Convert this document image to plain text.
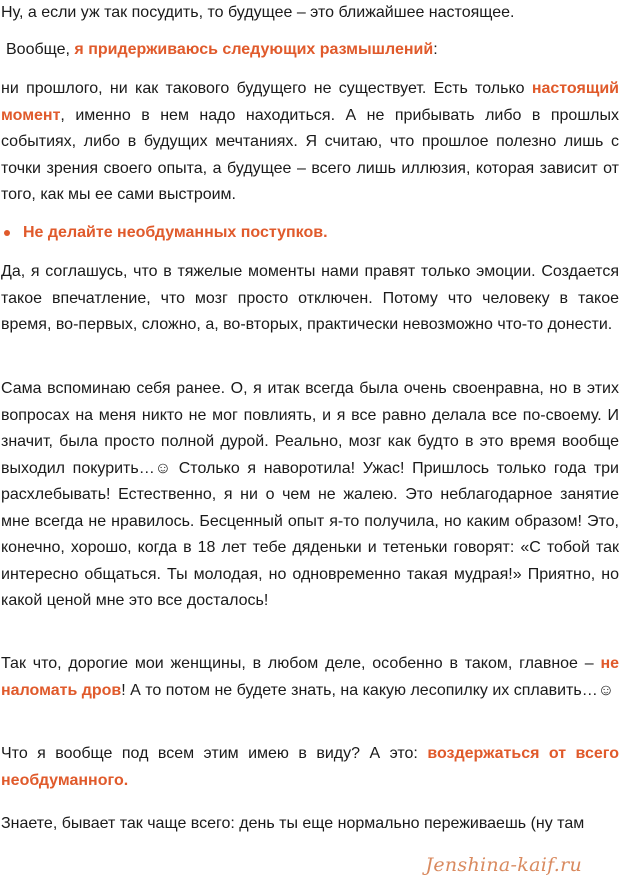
Ну, а если уж так посудить, то будущее – это ближайшее настоящее.

Вообще, я придерживаюсь следующих размышлений:

ни прошлого, ни как такового будущего не существует. Есть только настоящий момент, именно в нем надо находиться. А не прибывать либо в прошлых событиях, либо в будущих мечтаниях. Я считаю, что прошлое полезно лишь с точки зрения своего опыта, а будущее – всего лишь иллюзия, которая зависит от того, как мы ее сами выстроим.

Не делайте необдуманных поступков.

Да, я соглашусь, что в тяжелые моменты нами правят только эмоции. Создается такое впечатление, что мозг просто отключен. Потому что человеку в такое время, во-первых, сложно, а, во-вторых, практически невозможно что-то донести.

Сама вспоминаю себя ранее. О, я итак всегда была очень своенравна, но в этих вопросах на меня никто не мог повлиять, и я все равно делала все по-своему. И значит, была просто полной дурой. Реально, мозг как будто в это время вообще выходил покурить…☺ Столько я наворотила! Ужас! Пришлось только года три расхлебывать! Естественно, я ни о чем не жалею. Это неблагодарное занятие мне всегда не нравилось. Бесценный опыт я-то получила, но каким образом! Это, конечно, хорошо, когда в 18 лет тебе дяденьки и тетеньки говорят: «С тобой так интересно общаться. Ты молодая, но одновременно такая мудрая!» Приятно, но какой ценой мне это все досталось!

Так что, дорогие мои женщины, в любом деле, особенно в таком, главное – не наломать дров! А то потом не будете знать, на какую лесопилку их сплавить…☺

Что я вообще под всем этим имею в виду? А это: воздержаться от всего необдуманного.

Знаете, бывает так чаще всего: день ты еще нормально переживаешь (ну там

Jenshina-kaif.ru
